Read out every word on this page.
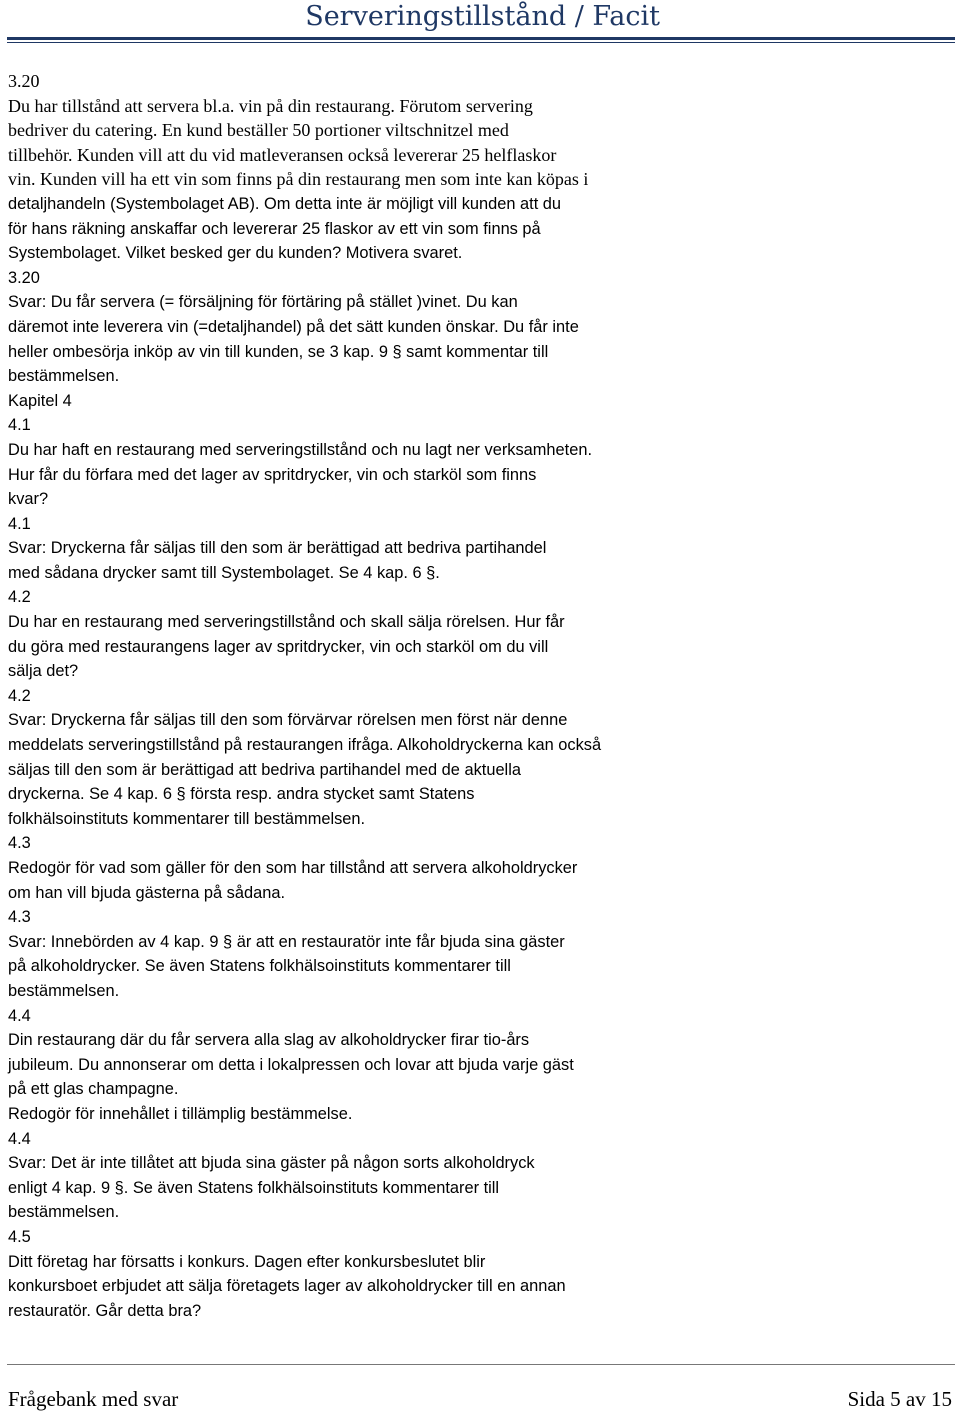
Serveringstillstånd / Facit
3.20
Du har tillstånd att servera bl.a. vin på din restaurang. Förutom servering
bedriver du catering. En kund beställer 50 portioner viltschnitzel med
tillbehör. Kunden vill att du vid matleveransen också levererar 25 helflaskor
vin. Kunden vill ha ett vin som finns på din restaurang men som inte kan köpas i
detaljhandeln (Systembolaget AB). Om detta inte är möjligt vill kunden att du
för hans räkning anskaffar och levererar 25 flaskor av ett vin som finns på
Systembolaget. Vilket besked ger du kunden? Motivera svaret.
3.20
Svar: Du får servera (= försäljning för förtäring på stället )vinet. Du kan
däremot inte leverera vin (=detaljhandel) på det sätt kunden önskar. Du får inte
heller ombesörja inköp av vin till kunden, se 3 kap. 9 § samt kommentar till
bestämmelsen.
Kapitel 4
4.1
Du har haft en restaurang med serveringstillstånd och nu lagt ner verksamheten.
Hur får du förfara med det lager av spritdrycker, vin och starköl som finns
kvar?
4.1
Svar: Dryckerna får säljas till den som är berättigad att bedriva partihandel
med sådana drycker samt till Systembolaget. Se 4 kap. 6 §.
4.2
Du har en restaurang med serveringstillstånd och skall sälja rörelsen. Hur får
du göra med restaurangens lager av spritdrycker, vin och starköl om du vill
sälja det?
4.2
Svar: Dryckerna får säljas till den som förvärvar rörelsen men först när denne
meddelats serveringstillstånd på restaurangen ifråga. Alkoholdryckerna kan också
säljas till den som är berättigad att bedriva partihandel med de aktuella
dryckerna. Se 4 kap. 6 § första resp. andra stycket samt Statens
folkhälsoinstituts kommentarer till bestämmelsen.
4.3
Redogör för vad som gäller för den som har tillstånd att servera alkoholdrycker
om han vill bjuda gästerna på sådana.
4.3
Svar: Innebörden av 4 kap. 9 § är att en restauratör inte får bjuda sina gäster
på alkoholdrycker. Se även Statens folkhälsoinstituts kommentarer till
bestämmelsen.
4.4
Din restaurang där du får servera alla slag av alkoholdrycker firar tio-års
jubileum. Du annonserar om detta i lokalpressen och lovar att bjuda varje gäst
på ett glas champagne.
Redogör för innehållet i tillämplig bestämmelse.
4.4
Svar: Det är inte tillåtet att bjuda sina gäster på någon sorts alkoholdryck
enligt 4 kap. 9 §. Se även Statens folkhälsoinstituts kommentarer till
bestämmelsen.
4.5
Ditt företag har försatts i konkurs. Dagen efter konkursbeslutet blir
konkursboet erbjudet att sälja företagets lager av alkoholdrycker till en annan
restauratör. Går detta bra?
Frågebank med svar	Sida 5 av 15
